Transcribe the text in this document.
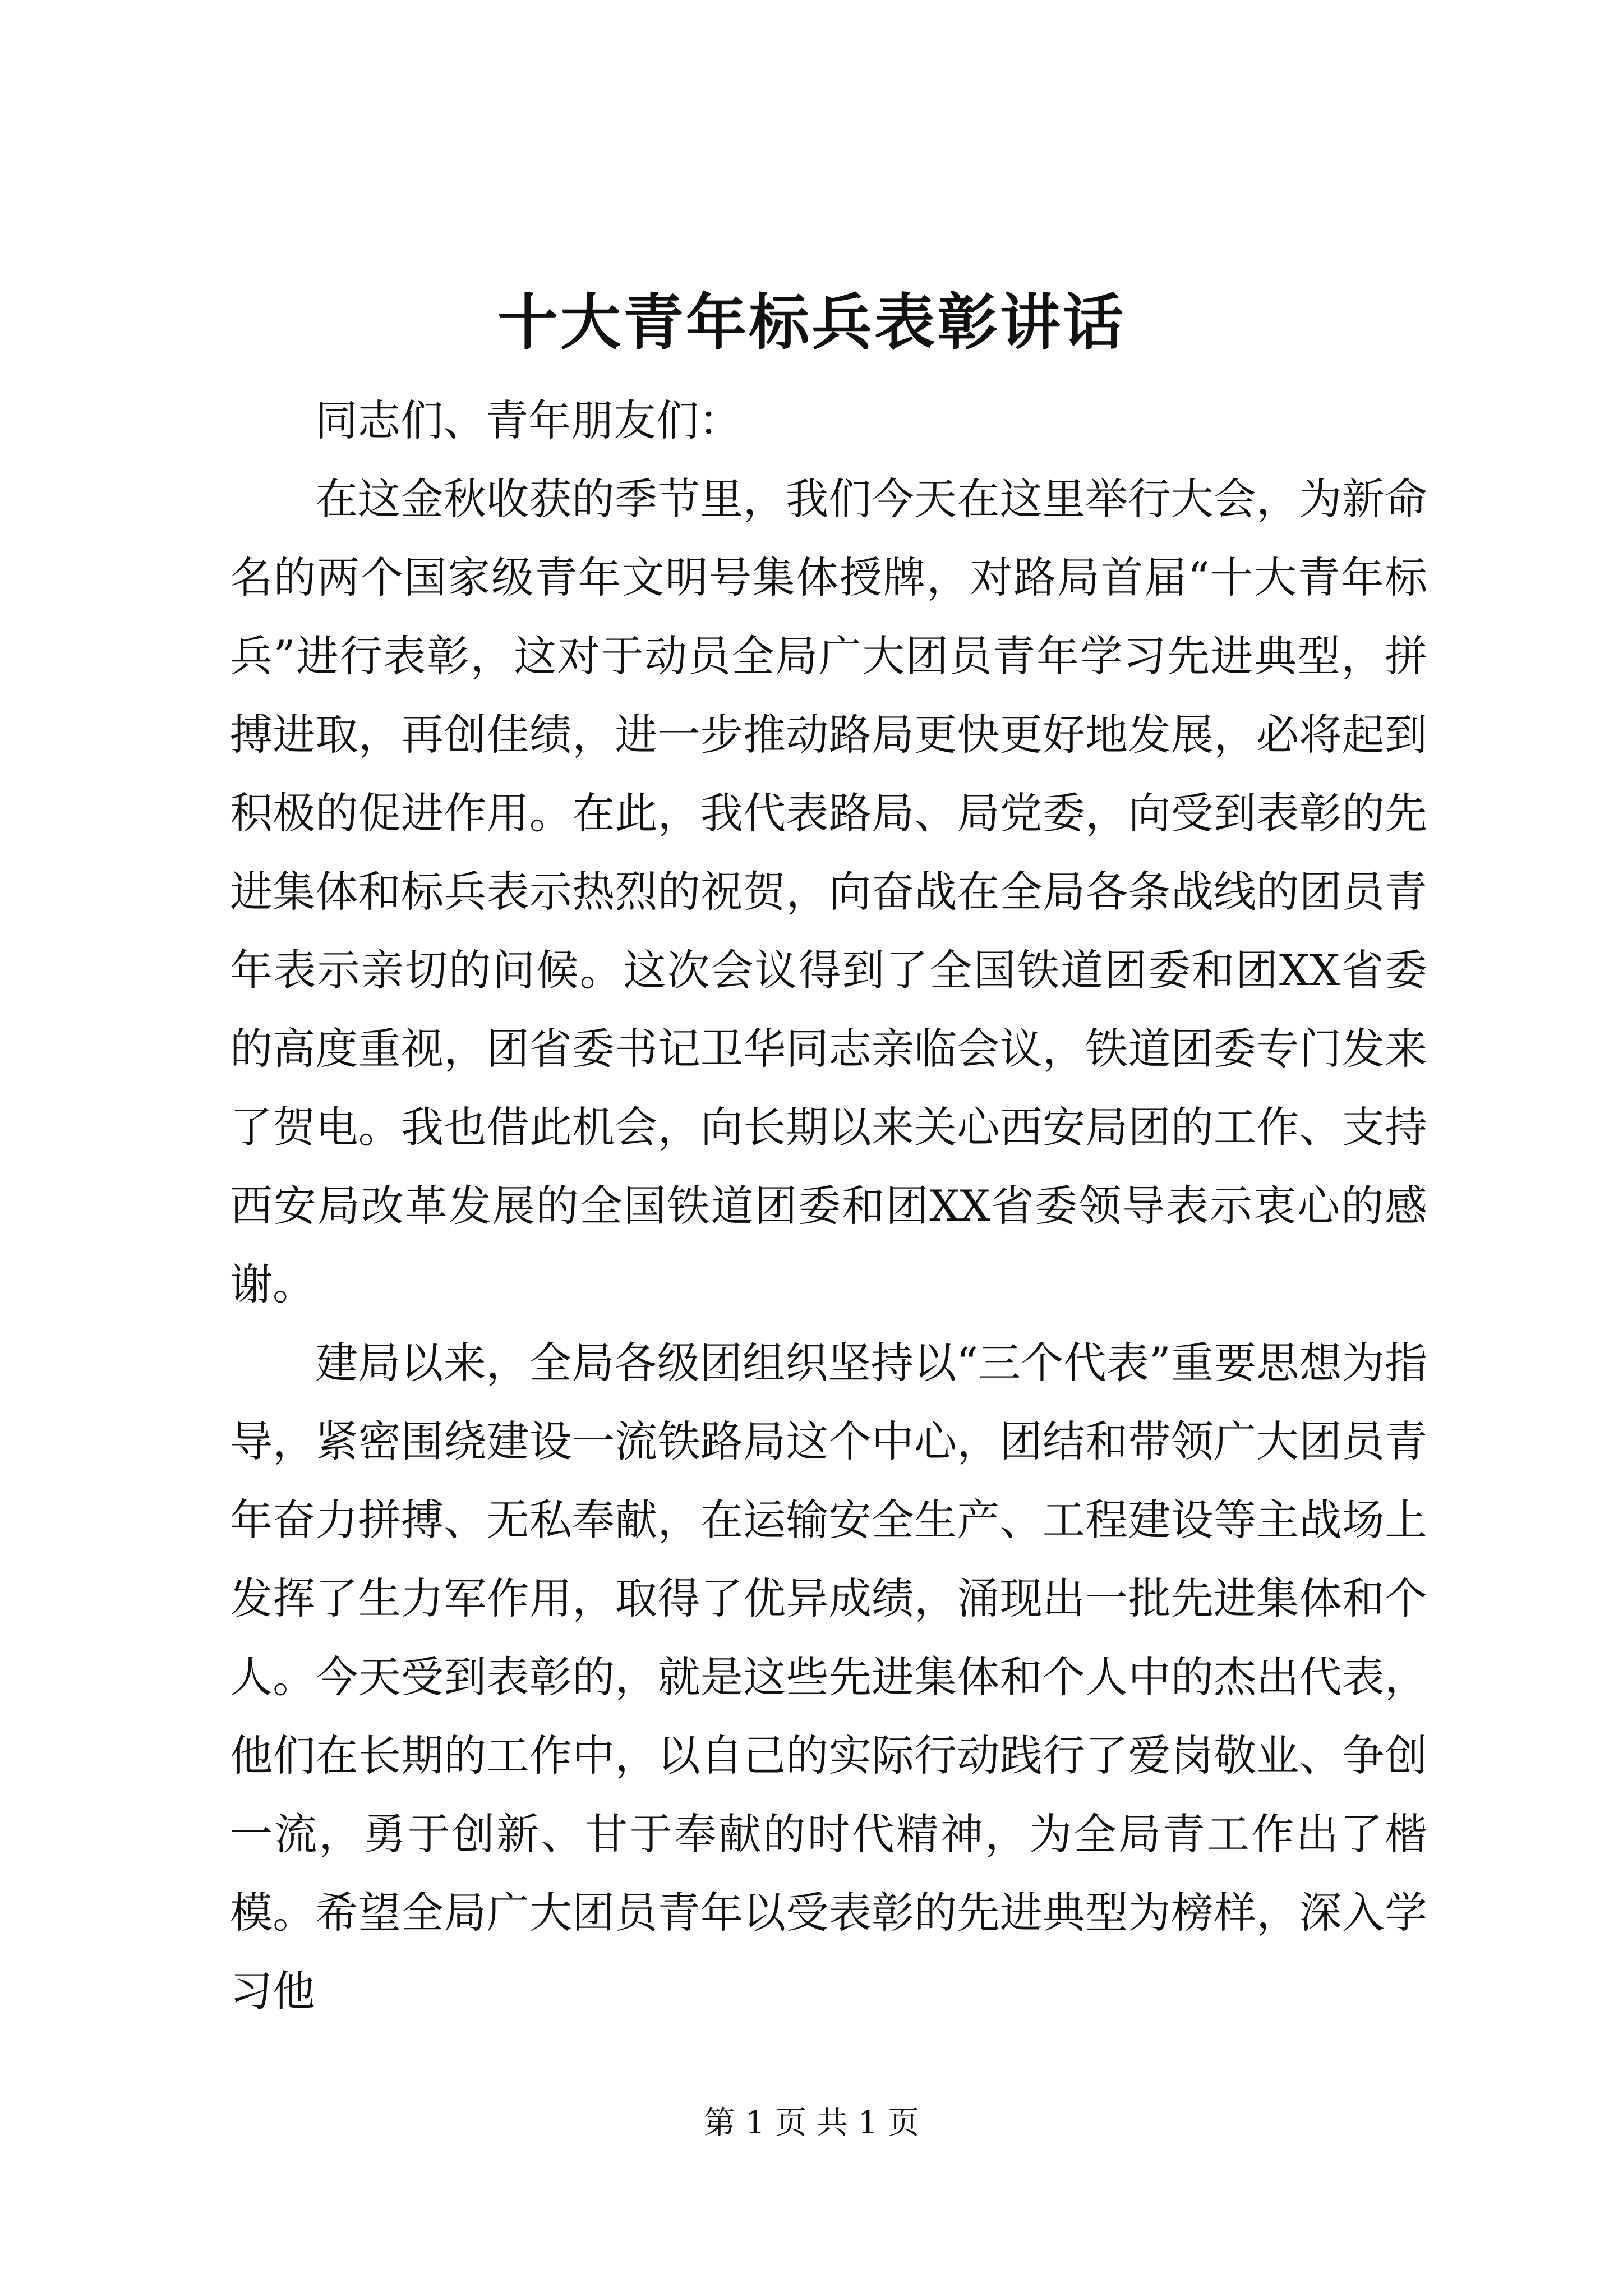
十大青年标兵表彰讲话

同志们、青年朋友们：

在这金秋收获的季节里，我们今天在这里举行大会，为新命名的两个国家级青年文明号集体授牌，对路局首届“十大青年标兵”进行表彰，这对于动员全局广大团员青年学习先进典型，拼搏进取，再创佳绩，进一步推动路局更快更好地发展，必将起到积极的促进作用。在此，我代表路局、局党委，向受到表彰的先进集体和标兵表示热烈的祝贺，向奋战在全局各条战线的团员青年表示亲切的问候。这次会议得到了全国铁道团委和团XX省委的高度重视，团省委书记卫华同志亲临会议，铁道团委专门发来了贺电。我也借此机会，向长期以来关心西安局团的工作、支持西安局改革发展的全国铁道团委和团XX省委领导表示衷心的感谢。

建局以来，全局各级团组织坚持以“三个代表”重要思想为指导，紧密围绕建设一流铁路局这个中心，团结和带领广大团员青年奋力拼搏、无私奉献，在运输安全生产、工程建设等主战场上发挥了生力军作用，取得了优异成绩，涌现出一批先进集体和个人。今天受到表彰的，就是这些先进集体和个人中的杰出代表，他们在长期的工作中，以自己的实际行动践行了爱岗敬业、争创一流，勇于创新、甘于奉献的时代精神，为全局青工作出了楷模。希望全局广大团员青年以受表彰的先进典型为榜样，深入学习他

第 1 页 共 1 页
